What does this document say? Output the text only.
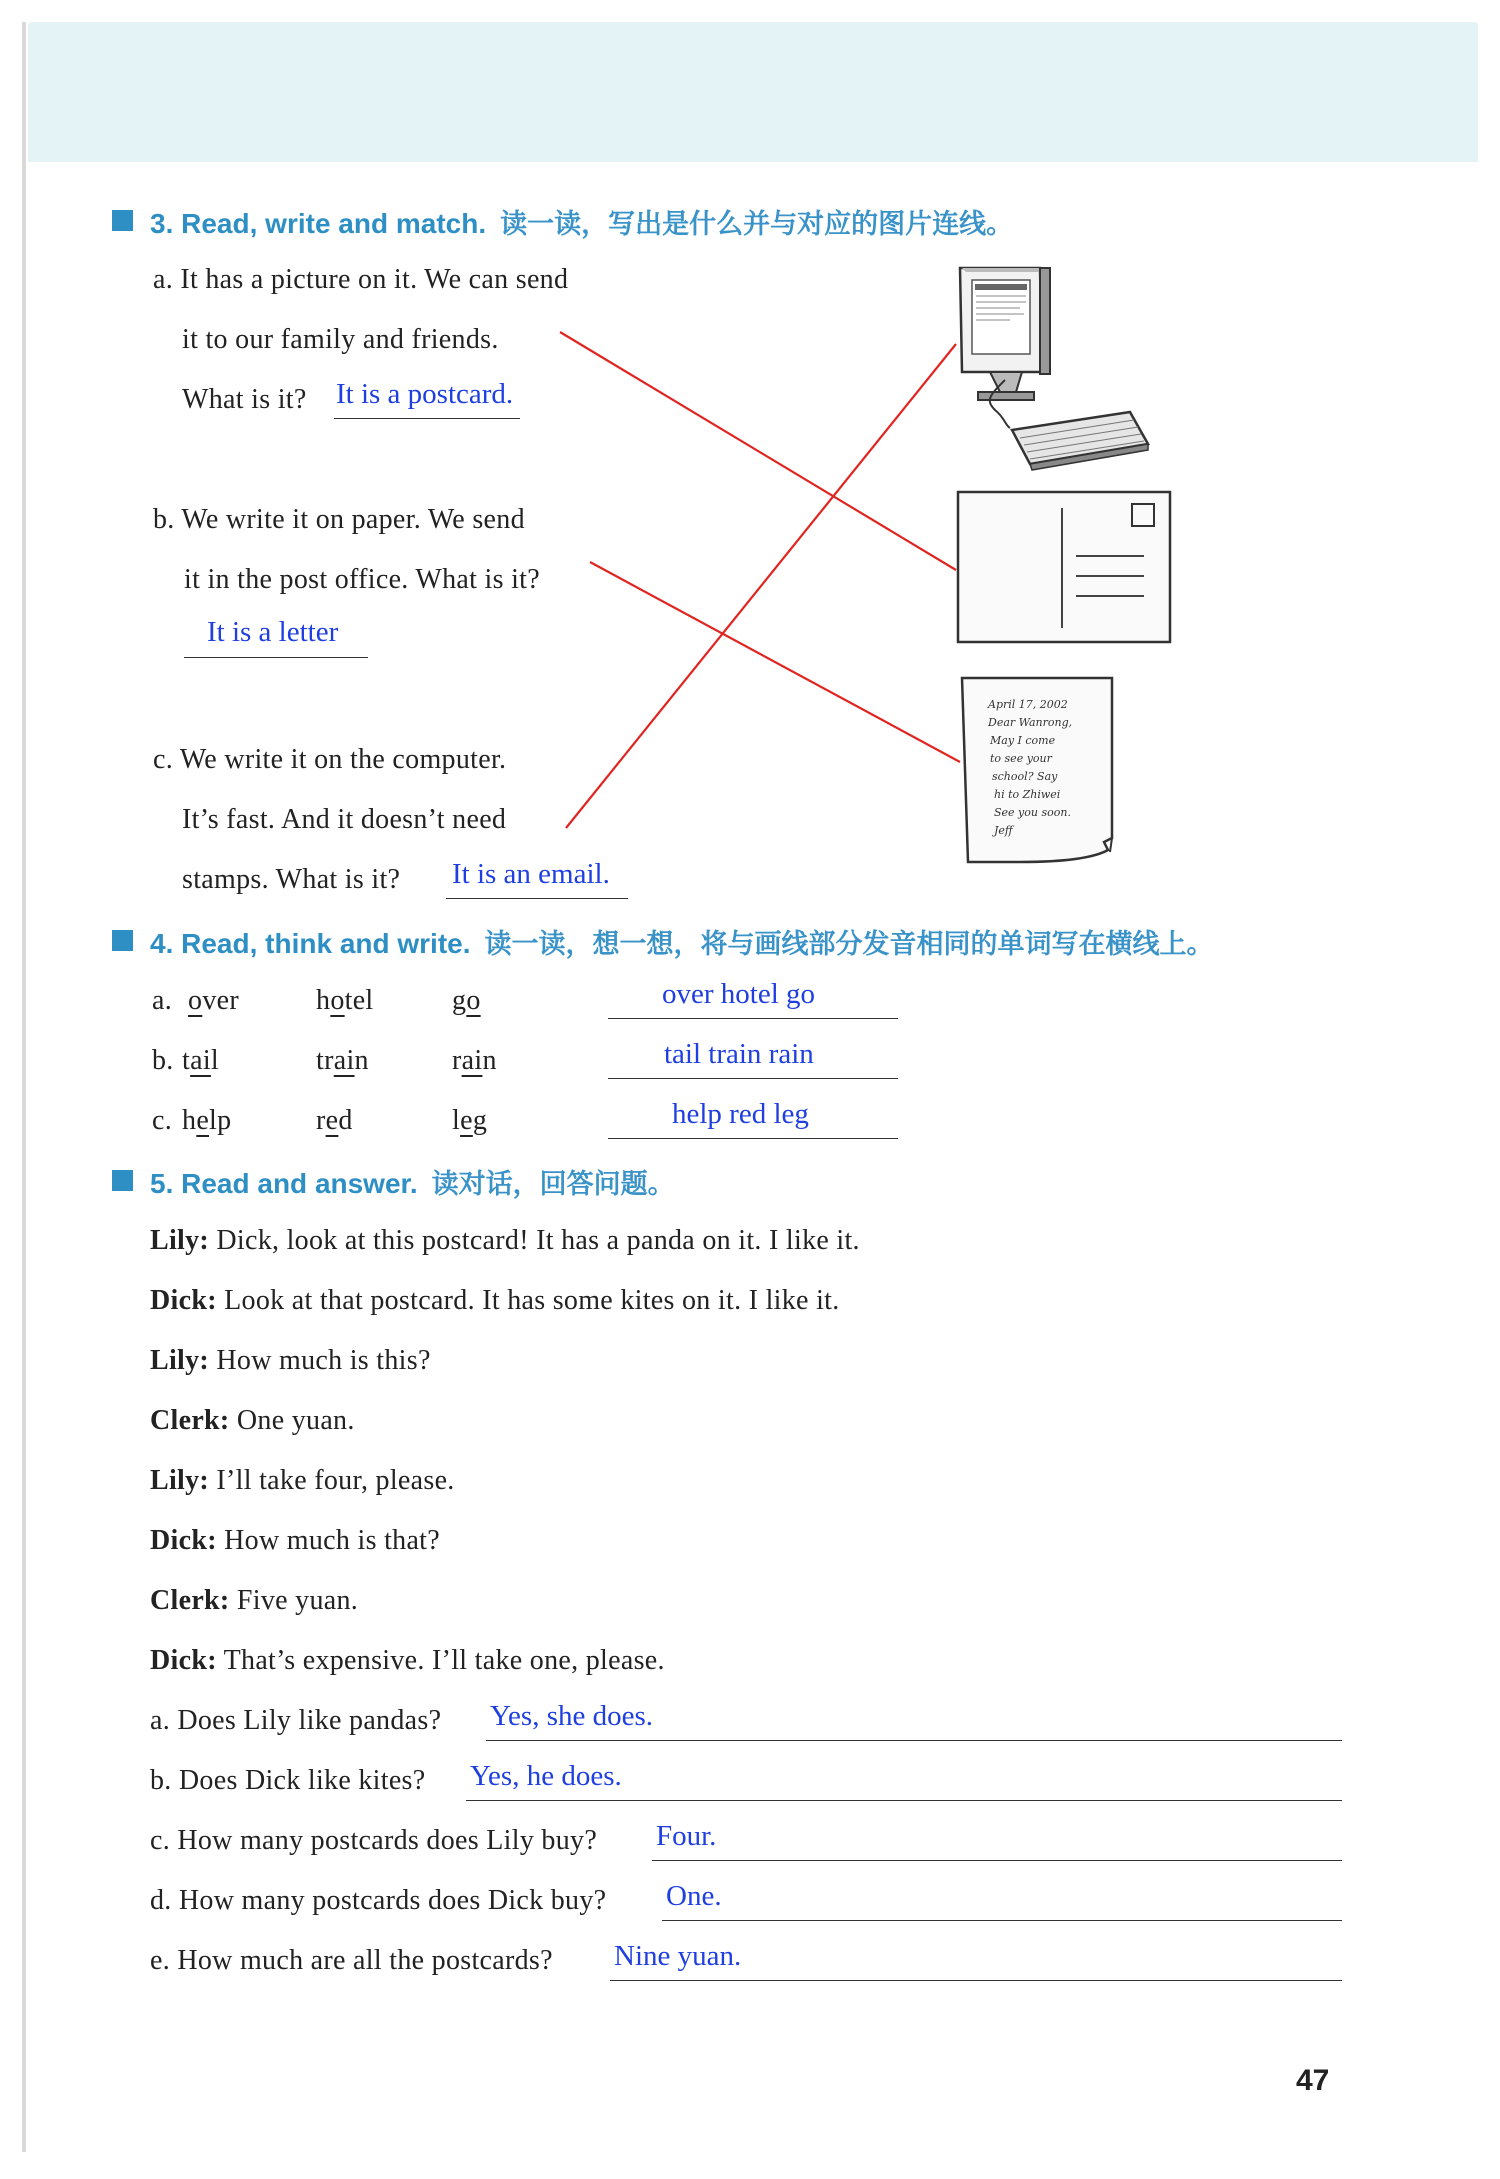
3. Read, write and match. 读一读，写出是什么并与对应的图片连线。
a. It has a picture on it. We can send
it to our family and friends.
What is it? It is a postcard.
b. We write it on paper. We send
it in the post office. What is it?
It is a letter
c. We write it on the computer.
It’s fast. And it doesn’t need
stamps. What is it? It is an email.
April 17, 2002
Dear Wanrong,
May I come
to see your
school? Say
hi to Zhiwei
See you soon.
Jeff
4. Read, think and write. 读一读，想一想，将与画线部分发音相同的单词写在横线上。
a. over	hotel	go	over hotel go
b. tail	train	rain	tail train rain
c. help	red	leg	help red leg
5. Read and answer. 读对话，回答问题。
Lily: Dick, look at this postcard! It has a panda on it. I like it.
Dick: Look at that postcard. It has some kites on it. I like it.
Lily: How much is this?
Clerk: One yuan.
Lily: I’ll take four, please.
Dick: How much is that?
Clerk: Five yuan.
Dick: That’s expensive. I’ll take one, please.
a. Does Lily like pandas? Yes, she does.
b. Does Dick like kites? Yes, he does.
c. How many postcards does Lily buy? Four.
d. How many postcards does Dick buy? One.
e. How much are all the postcards? Nine yuan.
47
